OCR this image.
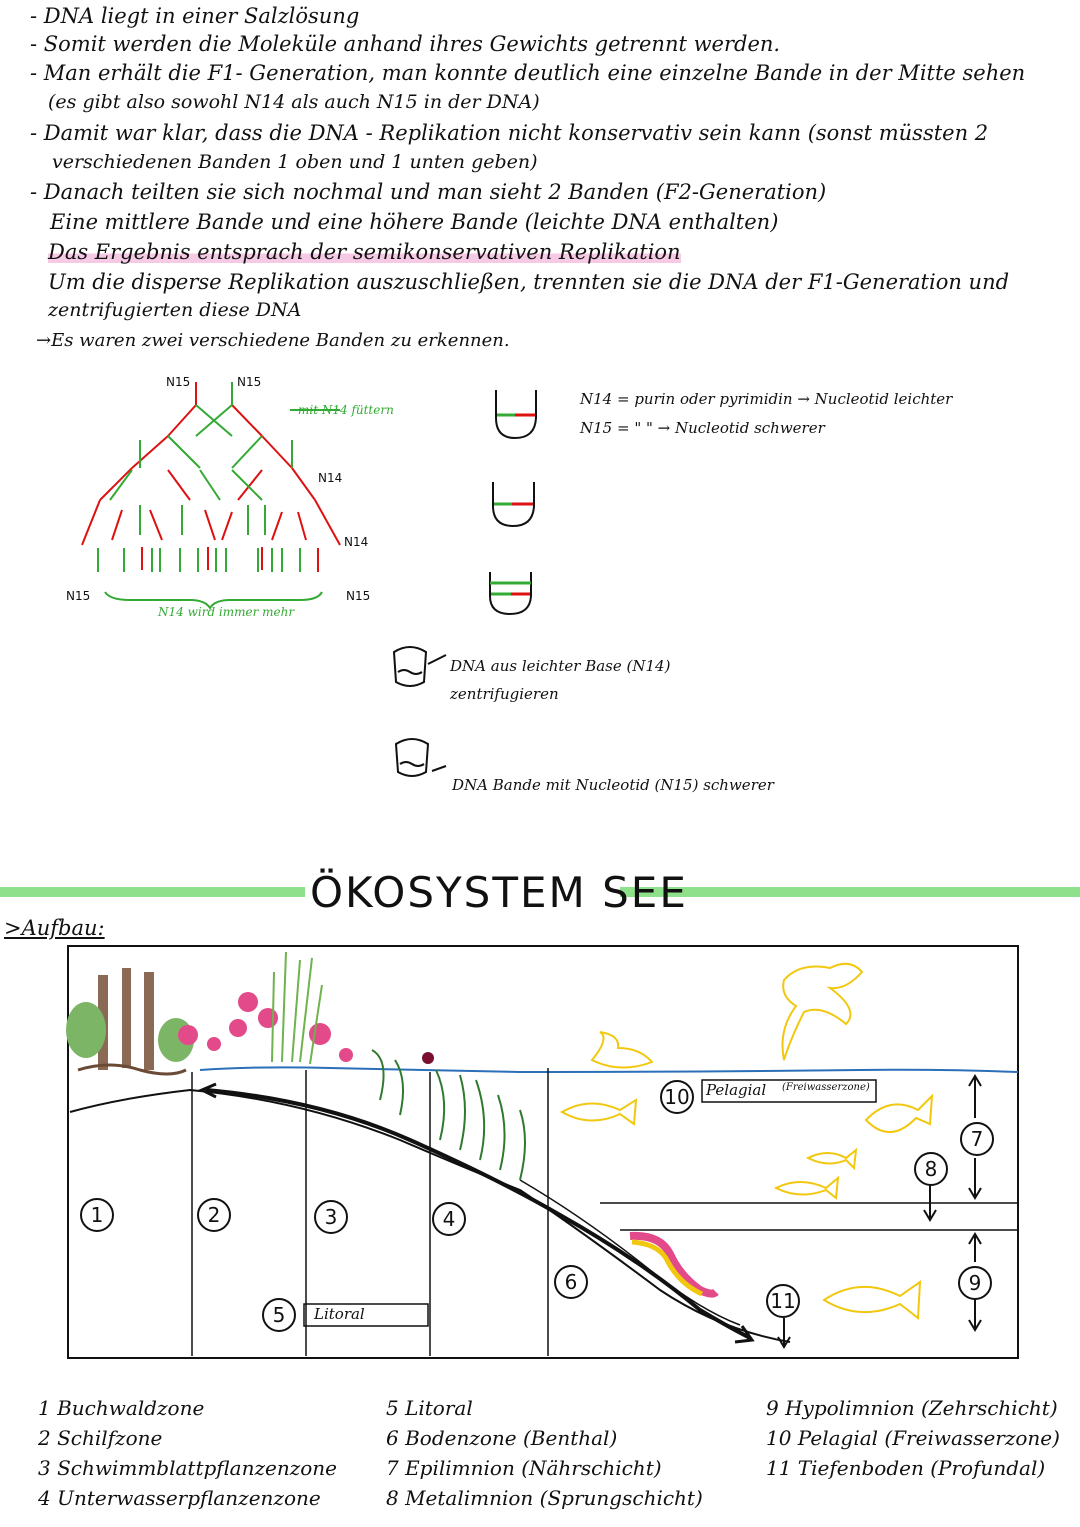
- DNA liegt in einer Salzlösung
- Somit werden die Moleküle anhand ihres Gewichts getrennt werden.
- Man erhält die F1- Generation, man konnte deutlich eine einzelne Bande in der Mitte sehen
(es gibt also sowohl N14 als auch N15 in der DNA)
- Damit war klar, dass die DNA - Replikation nicht konservativ sein kann (sonst müssten 2
verschiedenen Banden 1 oben und 1 unten geben)
- Danach teilten sie sich nochmal und man sieht 2 Banden (F2-Generation)
Eine mittlere Bande und eine höhere Bande (leichte DNA enthalten)
Das Ergebnis entsprach der semikonservativen Replikation
Um die disperse Replikation auszuschließen, trennten sie die DNA der F1-Generation und
zentrifugierten diese DNA
→Es waren zwei verschiedene Banden zu erkennen.
N15	N15
mit N14 füttern
N14
N14
N15	N15
N14 wird immer mehr
N14 = purin oder pyrimidin → Nucleotid leichter
N15 = " " → Nucleotid schwerer
DNA aus leichter Base (N14) zentrifugieren
DNA Bande mit Nucleotid (N15) schwerer
ÖKOSYSTEM SEE
>Aufbau:
Pelagial (Freiwasserzone)
Litoral
1	2	3	4
5
6
7
8
9
10
11
1 Buchwaldzone
2 Schilfzone
3 Schwimmblattpflanzenzone
4 Unterwasserpflanzenzone
5 Litoral
6 Bodenzone (Benthal)
7 Epilimnion (Nährschicht)
8 Metalimnion (Sprungschicht)
9 Hypolimnion (Zehrschicht)
10 Pelagial (Freiwasserzone)
11 Tiefenboden (Profundal)
